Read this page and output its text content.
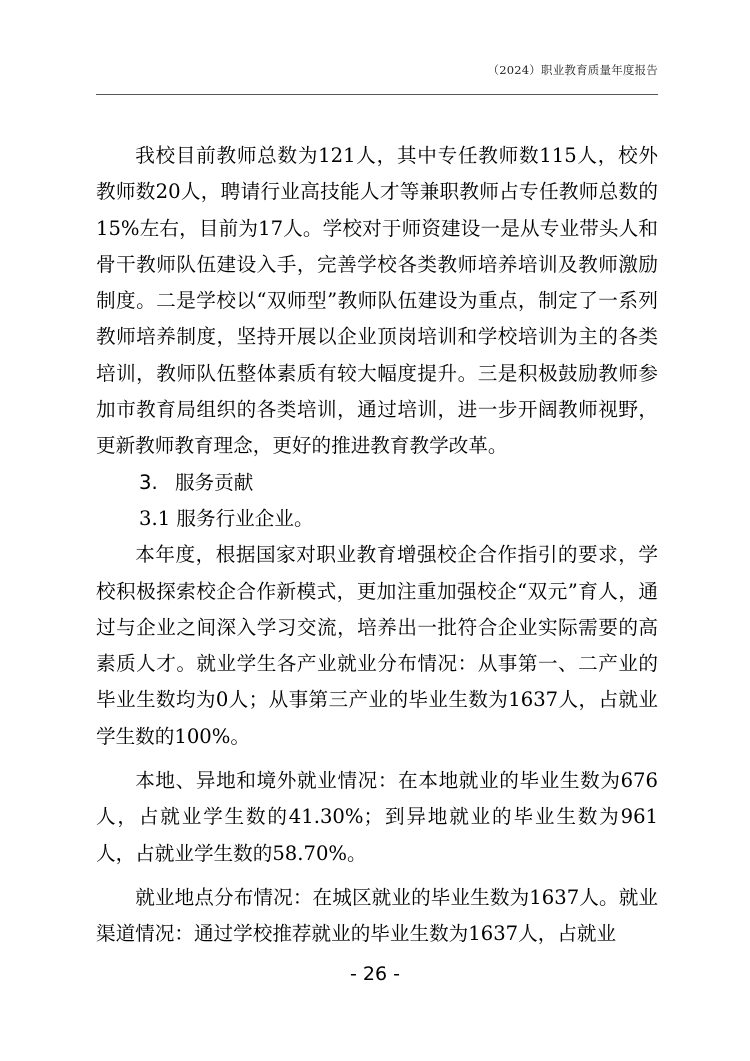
（2024）职业教育质量年度报告

我校目前教师总数为121人，其中专任教师数115人，校外教师数20人，聘请行业高技能人才等兼职教师占专任教师总数的15%左右，目前为17人。学校对于师资建设一是从专业带头人和骨干教师队伍建设入手，完善学校各类教师培养培训及教师激励制度。二是学校以“双师型”教师队伍建设为重点，制定了一系列教师培养制度，坚持开展以企业顶岗培训和学校培训为主的各类培训，教师队伍整体素质有较大幅度提升。三是积极鼓励教师参加市教育局组织的各类培训，通过培训，进一步开阔教师视野，更新教师教育理念，更好的推进教育教学改革。

3. 服务贡献

3.1 服务行业企业。

本年度，根据国家对职业教育增强校企合作指引的要求，学校积极探索校企合作新模式，更加注重加强校企“双元”育人，通过与企业之间深入学习交流，培养出一批符合企业实际需要的高素质人才。就业学生各产业就业分布情况：从事第一、二产业的毕业生数均为0人；从事第三产业的毕业生数为1637人，占就业学生数的100%。

本地、异地和境外就业情况：在本地就业的毕业生数为676人，占就业学生数的41.30%；到异地就业的毕业生数为961人，占就业学生数的58.70%。

就业地点分布情况：在城区就业的毕业生数为1637人。就业渠道情况：通过学校推荐就业的毕业生数为1637人，占就业

- 26 -
